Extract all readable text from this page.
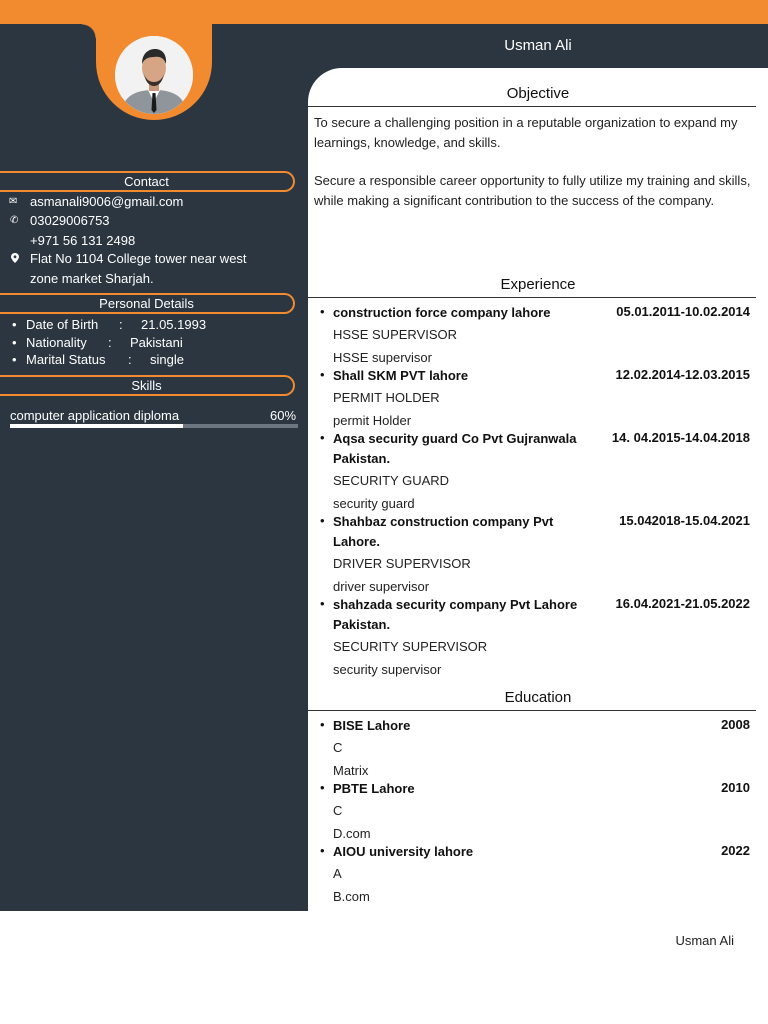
Usman Ali
Contact
✉ asmanali9006@gmail.com
✆ 03029006753
+971 56 131 2498
Flat No 1104 College tower near west
zone market Sharjah.
Personal Details
• Date of Birth : 21.05.1993
• Nationality : Pakistani
• Marital Status : single
Skills
computer application diploma	60%
Objective
To secure a challenging position in a reputable organization to expand my learnings, knowledge, and skills.
Secure a responsible career opportunity to fully utilize my training and skills, while making a significant contribution to the success of the company.
Experience
• construction force company lahore	05.01.2011-10.02.2014
HSSE SUPERVISOR
HSSE supervisor
• Shall SKM PVT lahore	12.02.2014-12.03.2015
PERMIT HOLDER
permit Holder
• Aqsa security guard Co Pvt Gujranwala
Pakistan.
14. 04.2015-14.04.2018
SECURITY GUARD
security guard
• Shahbaz construction company Pvt
Lahore.
15.042018-15.04.2021
DRIVER SUPERVISOR
driver supervisor
• shahzada security company Pvt Lahore
Pakistan.
16.04.2021-21.05.2022
SECURITY SUPERVISOR
security supervisor
Education
• BISE Lahore	2008
C
Matrix
• PBTE Lahore	2010
C
D.com
• AIOU university lahore	2022
A
B.com
Usman Ali
